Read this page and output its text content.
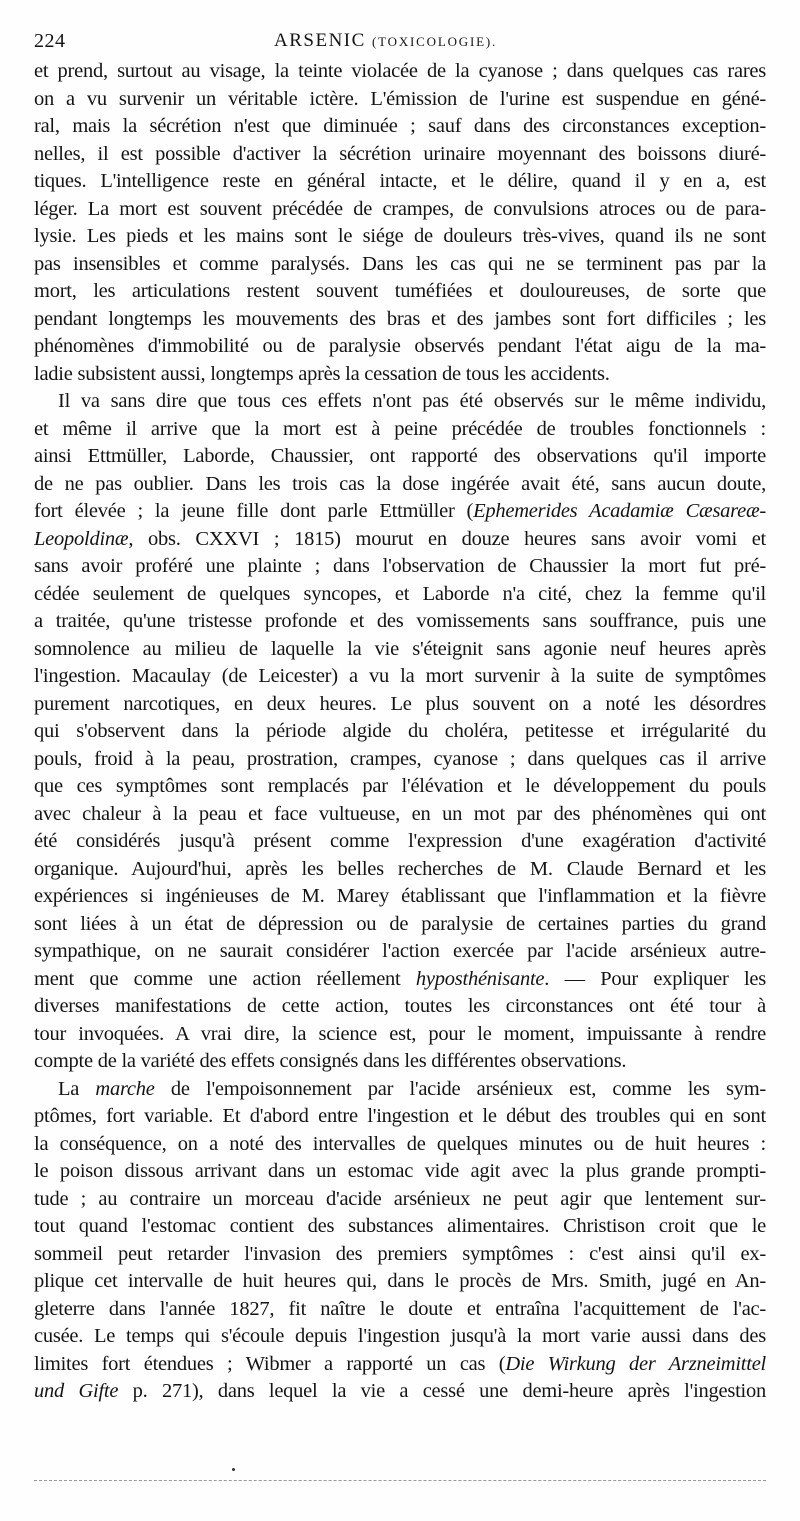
224	ARSENIC (TOXICOLOGIE).
et prend, surtout au visage, la teinte violacée de la cyanose ; dans quelques cas rares
on a vu survenir un véritable ictère. L'émission de l'urine est suspendue en géné-
ral, mais la sécrétion n'est que diminuée ; sauf dans des circonstances exception-
nelles, il est possible d'activer la sécrétion urinaire moyennant des boissons diuré-
tiques. L'intelligence reste en général intacte, et le délire, quand il y en a, est
léger. La mort est souvent précédée de crampes, de convulsions atroces ou de para-
lysie. Les pieds et les mains sont le siége de douleurs très-vives, quand ils ne sont
pas insensibles et comme paralysés. Dans les cas qui ne se terminent pas par la
mort, les articulations restent souvent tuméfiées et douloureuses, de sorte que
pendant longtemps les mouvements des bras et des jambes sont fort difficiles ; les
phénomènes d'immobilité ou de paralysie observés pendant l'état aigu de la ma-
ladie subsistent aussi, longtemps après la cessation de tous les accidents.
Il va sans dire que tous ces effets n'ont pas été observés sur le même individu,
et même il arrive que la mort est à peine précédée de troubles fonctionnels :
ainsi Ettmüller, Laborde, Chaussier, ont rapporté des observations qu'il importe
de ne pas oublier. Dans les trois cas la dose ingérée avait été, sans aucun doute,
fort élevée ; la jeune fille dont parle Ettmüller (Ephemerides Acadamiæ Cæsareæ-
Leopoldinæ, obs. CXXVI ; 1815) mourut en douze heures sans avoir vomi et
sans avoir proféré une plainte ; dans l'observation de Chaussier la mort fut pré-
cédée seulement de quelques syncopes, et Laborde n'a cité, chez la femme qu'il
a traitée, qu'une tristesse profonde et des vomissements sans souffrance, puis une
somnolence au milieu de laquelle la vie s'éteignit sans agonie neuf heures après
l'ingestion. Macaulay (de Leicester) a vu la mort survenir à la suite de symptômes
purement narcotiques, en deux heures. Le plus souvent on a noté les désordres
qui s'observent dans la période algide du choléra, petitesse et irrégularité du
pouls, froid à la peau, prostration, crampes, cyanose ; dans quelques cas il arrive
que ces symptômes sont remplacés par l'élévation et le développement du pouls
avec chaleur à la peau et face vultueuse, en un mot par des phénomènes qui ont
été considérés jusqu'à présent comme l'expression d'une exagération d'activité
organique. Aujourd'hui, après les belles recherches de M. Claude Bernard et les
expériences si ingénieuses de M. Marey établissant que l'inflammation et la fièvre
sont liées à un état de dépression ou de paralysie de certaines parties du grand
sympathique, on ne saurait considérer l'action exercée par l'acide arsénieux autre-
ment que comme une action réellement hyposthénisante. — Pour expliquer les
diverses manifestations de cette action, toutes les circonstances ont été tour à
tour invoquées. A vrai dire, la science est, pour le moment, impuissante à rendre
compte de la variété des effets consignés dans les différentes observations.
La marche de l'empoisonnement par l'acide arsénieux est, comme les sym-
ptômes, fort variable. Et d'abord entre l'ingestion et le début des troubles qui en sont
la conséquence, on a noté des intervalles de quelques minutes ou de huit heures :
le poison dissous arrivant dans un estomac vide agit avec la plus grande prompti-
tude ; au contraire un morceau d'acide arsénieux ne peut agir que lentement sur-
tout quand l'estomac contient des substances alimentaires. Christison croit que le
sommeil peut retarder l'invasion des premiers symptômes : c'est ainsi qu'il ex-
plique cet intervalle de huit heures qui, dans le procès de Mrs. Smith, jugé en An-
gleterre dans l'année 1827, fit naître le doute et entraîna l'acquittement de l'ac-
cusée. Le temps qui s'écoule depuis l'ingestion jusqu'à la mort varie aussi dans des
limites fort étendues ; Wibmer a rapporté un cas (Die Wirkung der Arzneimittel
und Gifte p. 271), dans lequel la vie a cessé une demi-heure après l'ingestion
